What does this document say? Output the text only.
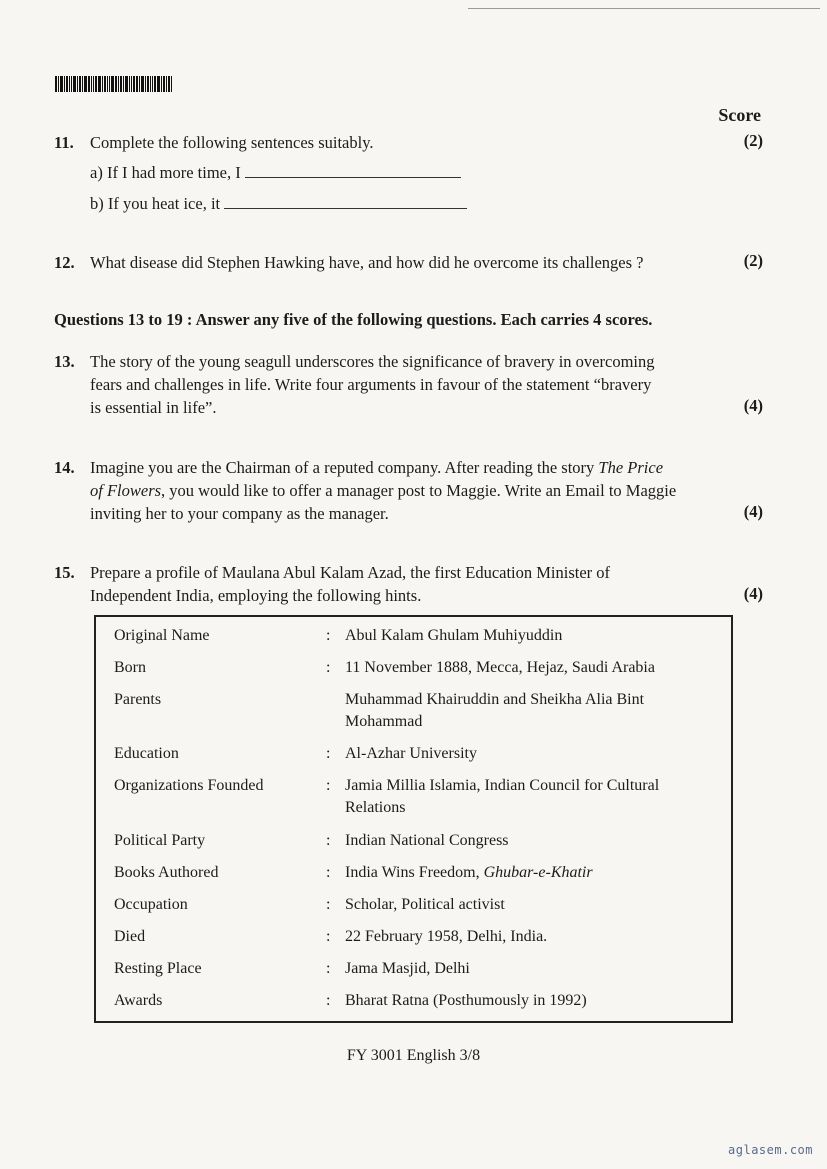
Score
11. Complete the following sentences suitably.	(2)
a) If I had more time, I
b) If you heat ice, it
12. What disease did Stephen Hawking have, and how did he overcome its challenges ?	(2)
Questions 13 to 19 : Answer any five of the following questions. Each carries 4 scores.
13. The story of the young seagull underscores the significance of bravery in overcoming
fears and challenges in life. Write four arguments in favour of the statement “bravery
is essential in life”.	(4)
14. Imagine you are the Chairman of a reputed company. After reading the story The Price
of Flowers, you would like to offer a manager post to Maggie. Write an Email to Maggie
inviting her to your company as the manager.	(4)
15. Prepare a profile of Maulana Abul Kalam Azad, the first Education Minister of
Independent India, employing the following hints.	(4)
Original Name	: Abul Kalam Ghulam Muhiyuddin
Born	: 11 November 1888, Mecca, Hejaz, Saudi Arabia
Parents	Muhammad Khairuddin and Sheikha Alia Bint
Mohammad
Education	: Al-Azhar University
Organizations Founded	: Jamia Millia Islamia, Indian Council for Cultural
Relations
Political Party	: Indian National Congress
Books Authored	: India Wins Freedom, Ghubar-e-Khatir
Occupation	: Scholar, Political activist
Died	: 22 February 1958, Delhi, India.
Resting Place	: Jama Masjid, Delhi
Awards	: Bharat Ratna (Posthumously in 1992)
FY 3001 English 3/8
aglasem.com
